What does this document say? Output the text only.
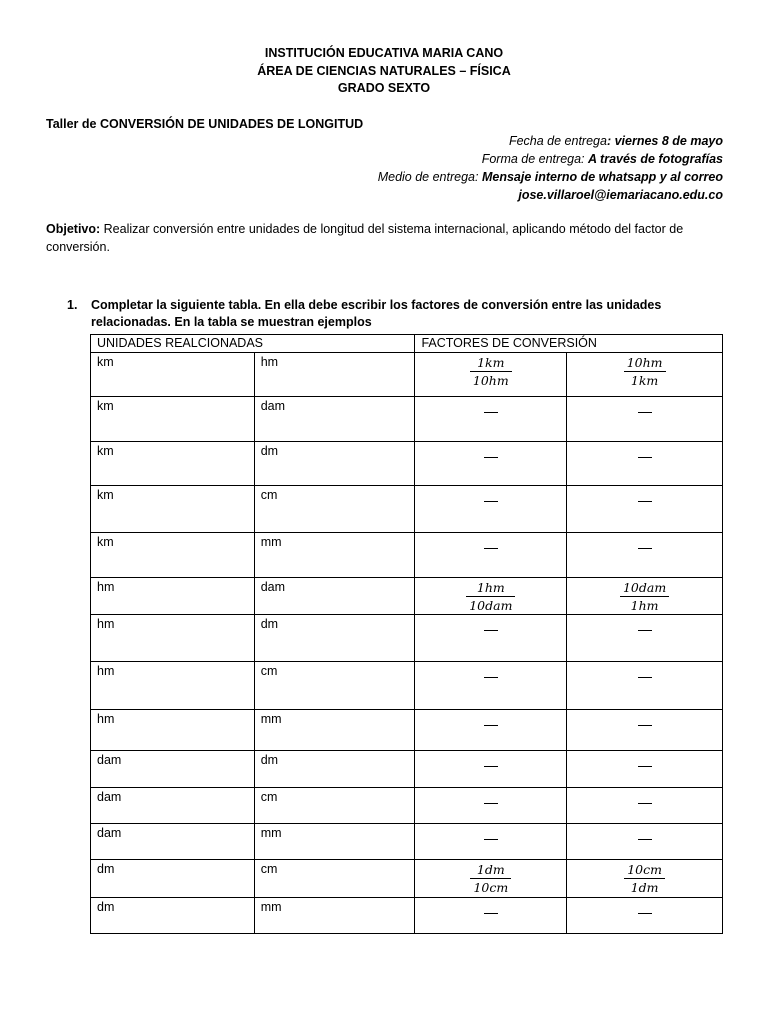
INSTITUCIÓN EDUCATIVA MARIA CANO
ÁREA DE CIENCIAS NATURALES – FÍSICA
GRADO SEXTO
Taller de CONVERSIÓN DE UNIDADES DE LONGITUD
Fecha de entrega: viernes 8 de mayo
Forma de entrega: A través de fotografías
Medio de entrega: Mensaje interno de whatsapp y al correo
jose.villaroel@iemariacano.edu.co
Objetivo: Realizar conversión entre unidades de longitud del sistema internacional, aplicando método del factor de conversión.
1. Completar la siguiente tabla. En ella debe escribir los factores de conversión entre las unidades relacionadas. En la tabla se muestran ejemplos
UNIDADES REALCIONADAS		FACTORES DE CONVERSIÓN	

km	hm	$\frac{1km}{10hm}$	$\frac{10hm}{1km}$

km	dam		

km	dm		

km	cm		

km	mm		

hm	dam	$\frac{1hm}{\text{10dam}}$	$\frac{\text{10dam}}{1hm}$

hm	dm		

hm	cm		

hm	mm		

dam	dm		

dam	cm		

dam	mm		

dm	cm	$\frac{1dm}{10cm}$	$\frac{10cm}{1dm}$

dm	mm		
